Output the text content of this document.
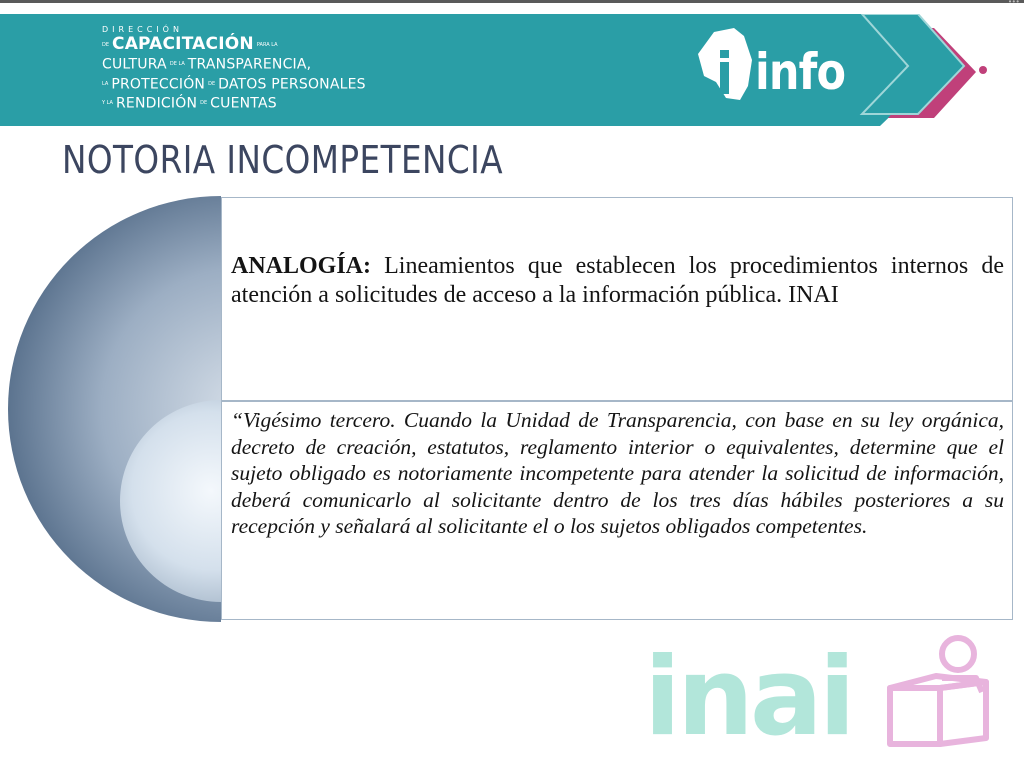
•••
DIRECCIÓN
DE CAPACITACIÓN PARA LA
CULTURA DE LA TRANSPARENCIA,
LA PROTECCIÓN DE DATOS PERSONALES
Y LA RENDICIÓN DE CUENTAS
info
NOTORIA INCOMPETENCIA

ANALOGÍA: Lineamientos que establecen los procedimientos internos de atención a solicitudes de acceso a la información pública. INAI

“Vigésimo tercero. Cuando la Unidad de Transparencia, con base en su ley orgánica, decreto de creación, estatutos, reglamento interior o equivalentes, determine que el sujeto obligado es notoriamente incompetente para atender la solicitud de información, deberá comunicarlo al solicitante dentro de los tres días hábiles posteriores a su recepción y señalará al solicitante el o los sujetos obligados competentes.

inai
